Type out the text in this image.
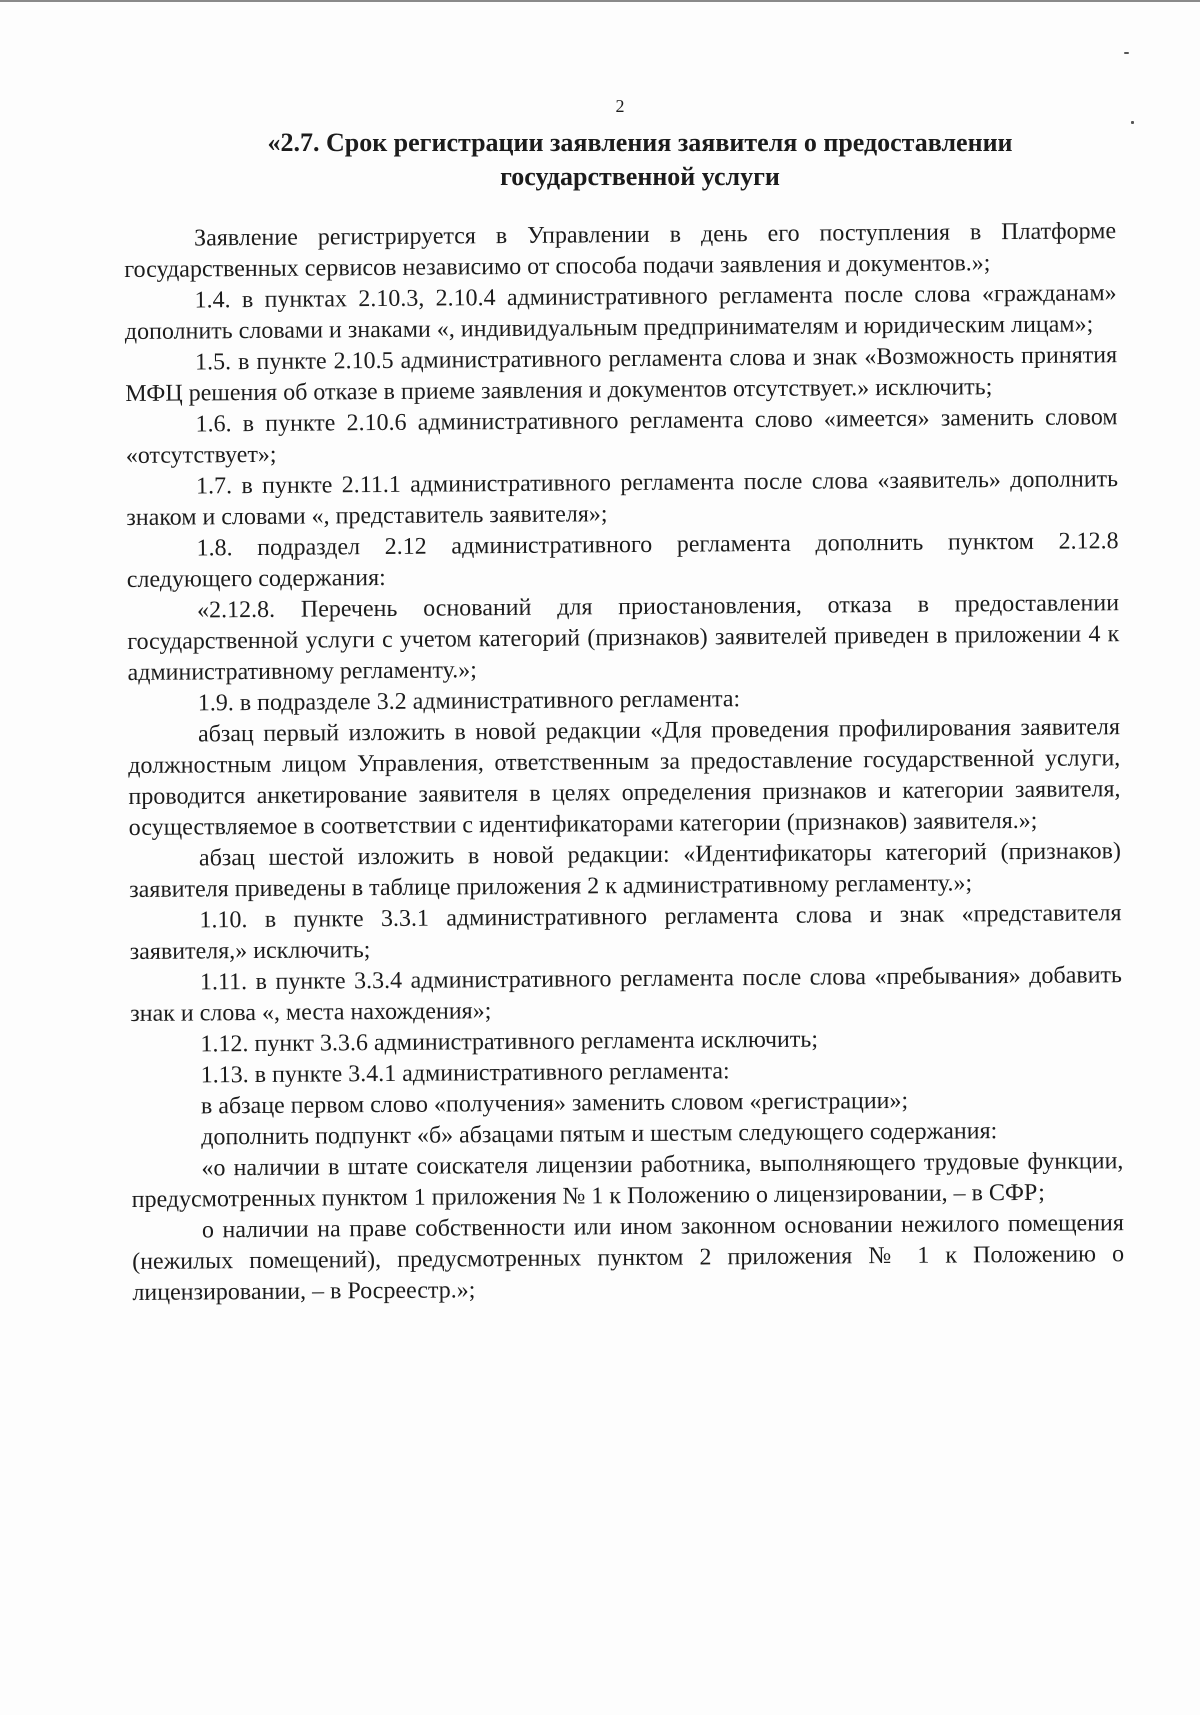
2
«2.7. Срок регистрации заявления заявителя о предоставлении государственной услуги

Заявление регистрируется в Управлении в день его поступления в Платформе государственных сервисов независимо от способа подачи заявления и документов.»;

1.4. в пунктах 2.10.3, 2.10.4 административного регламента после слова «гражданам» дополнить словами и знаками «, индивидуальным предпринимателям и юридическим лицам»;

1.5. в пункте 2.10.5 административного регламента слова и знак «Возможность принятия МФЦ решения об отказе в приеме заявления и документов отсутствует.» исключить;

1.6. в пункте 2.10.6 административного регламента слово «имеется» заменить словом «отсутствует»;

1.7. в пункте 2.11.1 административного регламента после слова «заявитель» дополнить знаком и словами «, представитель заявителя»;

1.8. подраздел 2.12 административного регламента дополнить пунктом 2.12.8 следующего содержания:

«2.12.8. Перечень оснований для приостановления, отказа в предоставлении государственной услуги с учетом категорий (признаков) заявителей приведен в приложении 4 к административному регламенту.»;

1.9. в подразделе 3.2 административного регламента:

абзац первый изложить в новой редакции «Для проведения профилирования заявителя должностным лицом Управления, ответственным за предоставление государственной услуги, проводится анкетирование заявителя в целях определения признаков и категории заявителя, осуществляемое в соответствии с идентификаторами категории (признаков) заявителя.»;

абзац шестой изложить в новой редакции: «Идентификаторы категорий (признаков) заявителя приведены в таблице приложения 2 к административному регламенту.»;

1.10. в пункте 3.3.1 административного регламента слова и знак «представителя заявителя,» исключить;

1.11. в пункте 3.3.4 административного регламента после слова «пребывания» добавить знак и слова «, места нахождения»;

1.12. пункт 3.3.6 административного регламента исключить;

1.13. в пункте 3.4.1 административного регламента:

в абзаце первом слово «получения» заменить словом «регистрации»;

дополнить подпункт «б» абзацами пятым и шестым следующего содержания:

«о наличии в штате соискателя лицензии работника, выполняющего трудовые функции, предусмотренных пунктом 1 приложения № 1 к Положению о лицензировании, – в СФР;

о наличии на праве собственности или ином законном основании нежилого помещения (нежилых помещений), предусмотренных пунктом 2 приложения № 1 к Положению о лицензировании, – в Росреестр.»;
